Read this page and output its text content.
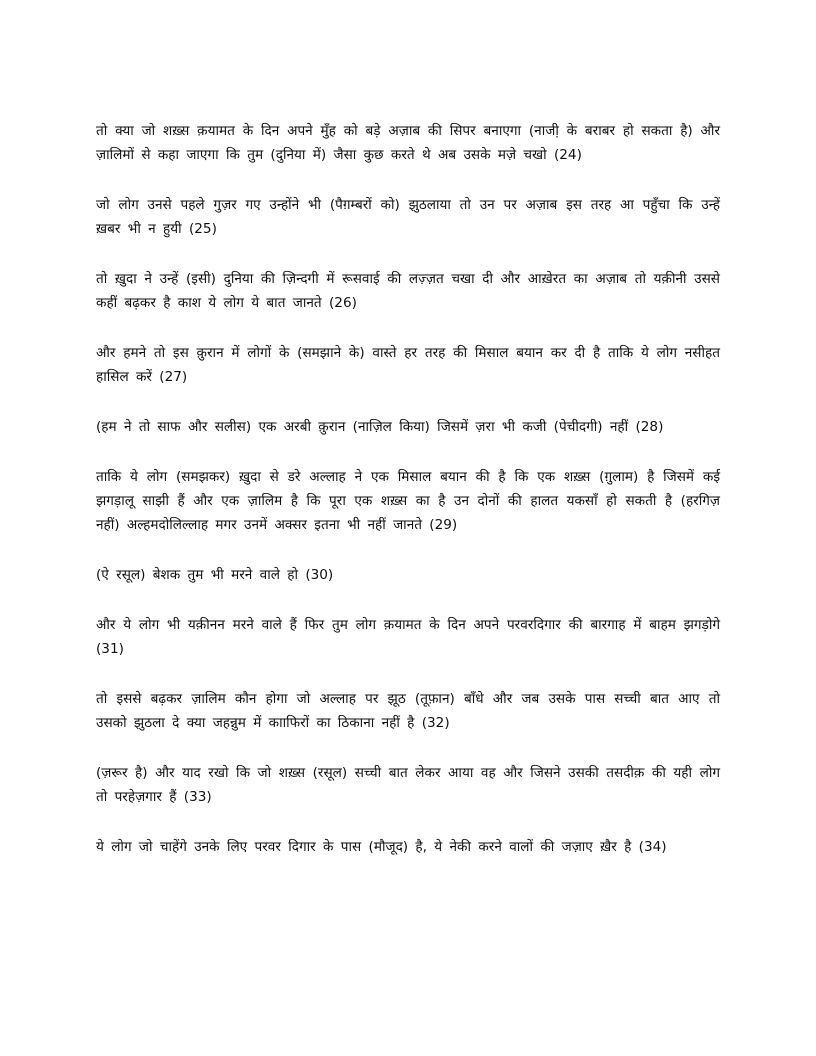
तो क्या जो शख़्स क़यामत के दिन अपने मुँह को बड़े अज़ाब की सिपर बनाएगा (नाजी़ के बराबर हो सकता है) और ज़ालिमों से कहा जाएगा कि तुम (दुनिया में) जैसा कुछ करते थे अब उसके मज़े चखो (24)

जो लोग उनसे पहले गुज़र गए उन्होंने भी (पैग़म्बरों को) झुठलाया तो उन पर अज़ाब इस तरह आ पहुँचा कि उन्हें ख़बर भी न हुयी (25)

तो ख़ुदा ने उन्हें (इसी) दुनिया की ज़िन्दगी में रूसवाई की लज़्ज़त चखा दी और आख़ेरत का अज़ाब तो यक़ीनी उससे कहीं बढ़कर है काश ये लोग ये बात जानते (26)

और हमने तो इस क़ुरान में लोगों के (समझाने के) वास्ते हर तरह की मिसाल बयान कर दी है ताकि ये लोग नसीहत हासिल करें (27)

(हम ने तो साफ और सलीस) एक अरबी क़ुरान (नाज़िल किया) जिसमें ज़रा भी कजी (पेचीदगी) नहीं (28)

ताकि ये लोग (समझकर) ख़ुदा से डरे अल्लाह ने एक मिसाल बयान की है कि एक शख़्स (ग़ुलाम) है जिसमें कई झगड़ालू साझी हैं और एक ज़ालिम है कि पूरा एक शख़्स का है उन दोनों की हालत यकसाँ हो सकती है (हरगिज़ नहीं) अल्हमदोलिल्लाह मगर उनमें अक्सर इतना भी नहीं जानते (29)

(ऐ रसूल) बेशक तुम भी मरने वाले हो (30)

और ये लोग भी यक़ीनन मरने वाले हैं फिर तुम लोग क़यामत के दिन अपने परवरदिगार की बारगाह में बाहम झगड़ोगे (31)

तो इससे बढ़कर ज़ालिम कौन होगा जो अल्लाह पर झूठ (तूफ़ान) बाँधे और जब उसके पास सच्ची बात आए तो उसको झुठला दे क्या जहन्नुम में कााफिरों का ठिकाना नहीं है (32)

(ज़रूर है) और याद रखो कि जो शख़्स (रसूल) सच्ची बात लेकर आया वह और जिसने उसकी तसदीक़ की यही लोग तो परहेज़गार हैं (33)

ये लोग जो चाहेंगे उनके लिए परवर दिगार के पास (मौजूद) है, ये नेकी करने वालों की जज़ाए ख़ैर है (34)
